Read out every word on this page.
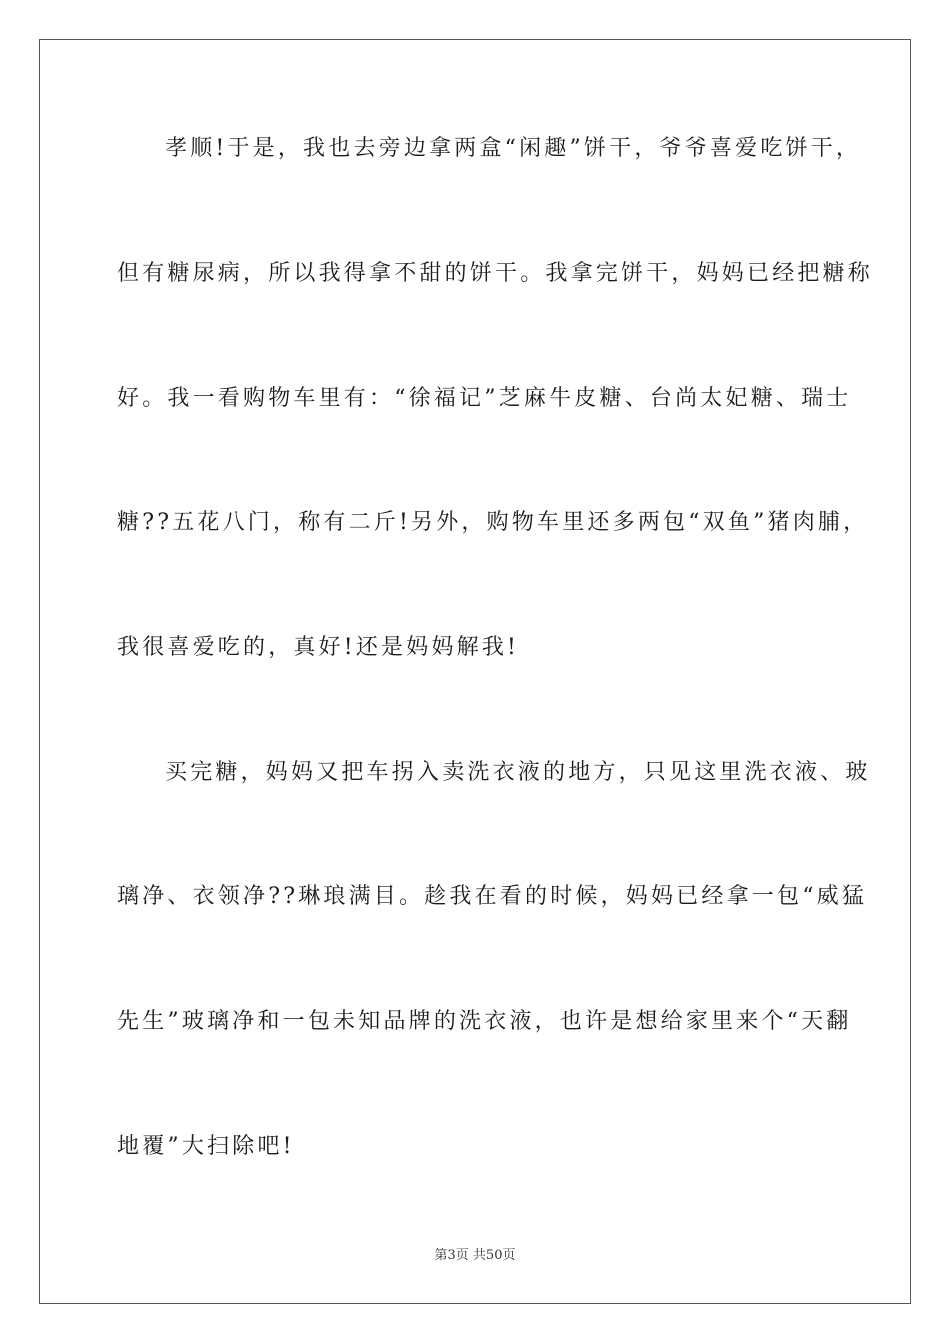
孝顺!于是，我也去旁边拿两盒“闲趣”饼干，爷爷喜爱吃饼干，
但有糖尿病，所以我得拿不甜的饼干。我拿完饼干，妈妈已经把糖称
好。我一看购物车里有：“徐福记”芝麻牛皮糖、台尚太妃糖、瑞士
糖??五花八门，称有二斤!另外，购物车里还多两包“双鱼”猪肉脯，
我很喜爱吃的，真好!还是妈妈解我!
买完糖，妈妈又把车拐入卖洗衣液的地方，只见这里洗衣液、玻
璃净、衣领净??琳琅满目。趁我在看的时候，妈妈已经拿一包“威猛
先生”玻璃净和一包未知品牌的洗衣液，也许是想给家里来个“天翻
地覆”大扫除吧!
第3页 共50页
